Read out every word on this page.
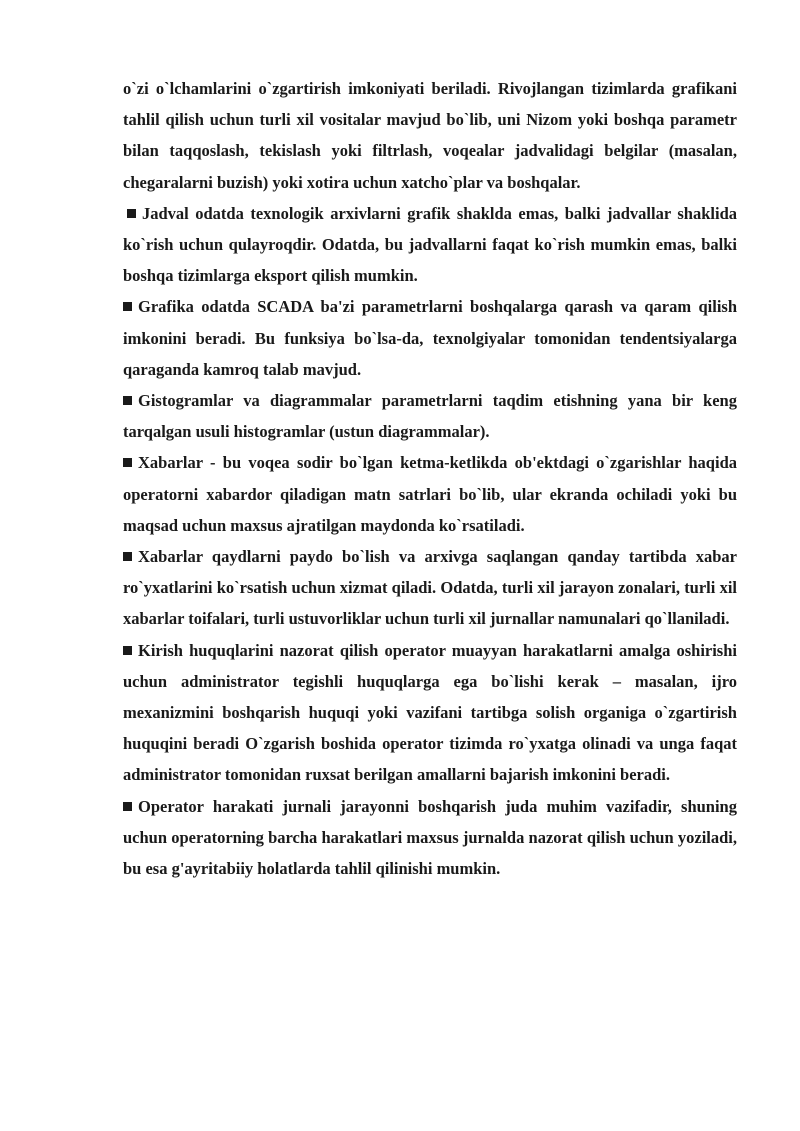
o`zi o`lchamlarini o`zgartirish imkoniyati beriladi. Rivojlangan tizimlarda grafikani tahlil qilish uchun turli xil vositalar mavjud bo`lib, uni Nizom yoki boshqa parametr bilan taqqoslash, tekislash yoki filtrlash, voqealar jadvalidagi belgilar (masalan, chegaralarni buzish) yoki xotira uchun xatcho`plar va boshqalar.

Jadval odatda texnologik arxivlarni grafik shaklda emas, balki jadvallar shaklida ko`rish uchun qulayroqdir. Odatda, bu jadvallarni faqat ko`rish mumkin emas, balki boshqa tizimlarga eksport qilish mumkin.

Grafika odatda SCADA ba'zi parametrlarni boshqalarga qarash va qaram qilish imkonini beradi. Bu funksiya bo`lsa-da, texnolgiyalar tomonidan tendentsiyalarga qaraganda kamroq talab mavjud.

Gistogramlar va diagrammalar parametrlarni taqdim etishning yana bir keng tarqalgan usuli histogramlar (ustun diagrammalar).

Xabarlar - bu voqea sodir bo`lgan ketma-ketlikda ob'ektdagi o`zgarishlar haqida operatorni xabardor qiladigan matn satrlari bo`lib, ular ekranda ochiladi yoki bu maqsad uchun maxsus ajratilgan maydonda ko`rsatiladi.

Xabarlar qaydlarni paydo bo`lish va arxivga saqlangan qanday tartibda xabar ro`yxatlarini ko`rsatish uchun xizmat qiladi. Odatda, turli xil jarayon zonalari, turli xil xabarlar toifalari, turli ustuvorliklar uchun turli xil jurnallar namunalari qo`llaniladi.

Kirish huquqlarini nazorat qilish operator muayyan harakatlarni amalga oshirishi uchun administrator tegishli huquqlarga ega bo`lishi kerak – masalan, ijro mexanizmini boshqarish huquqi yoki vazifani tartibga solish organiga o`zgartirish huquqini beradi O`zgarish boshida operator tizimda ro`yxatga olinadi va unga faqat administrator tomonidan ruxsat berilgan amallarni bajarish imkonini beradi.

Operator harakati jurnali jarayonni boshqarish juda muhim vazifadir, shuning uchun operatorning barcha harakatlari maxsus jurnalda nazorat qilish uchun yoziladi, bu esa g'ayritabiiy holatlarda tahlil qilinishi mumkin.
